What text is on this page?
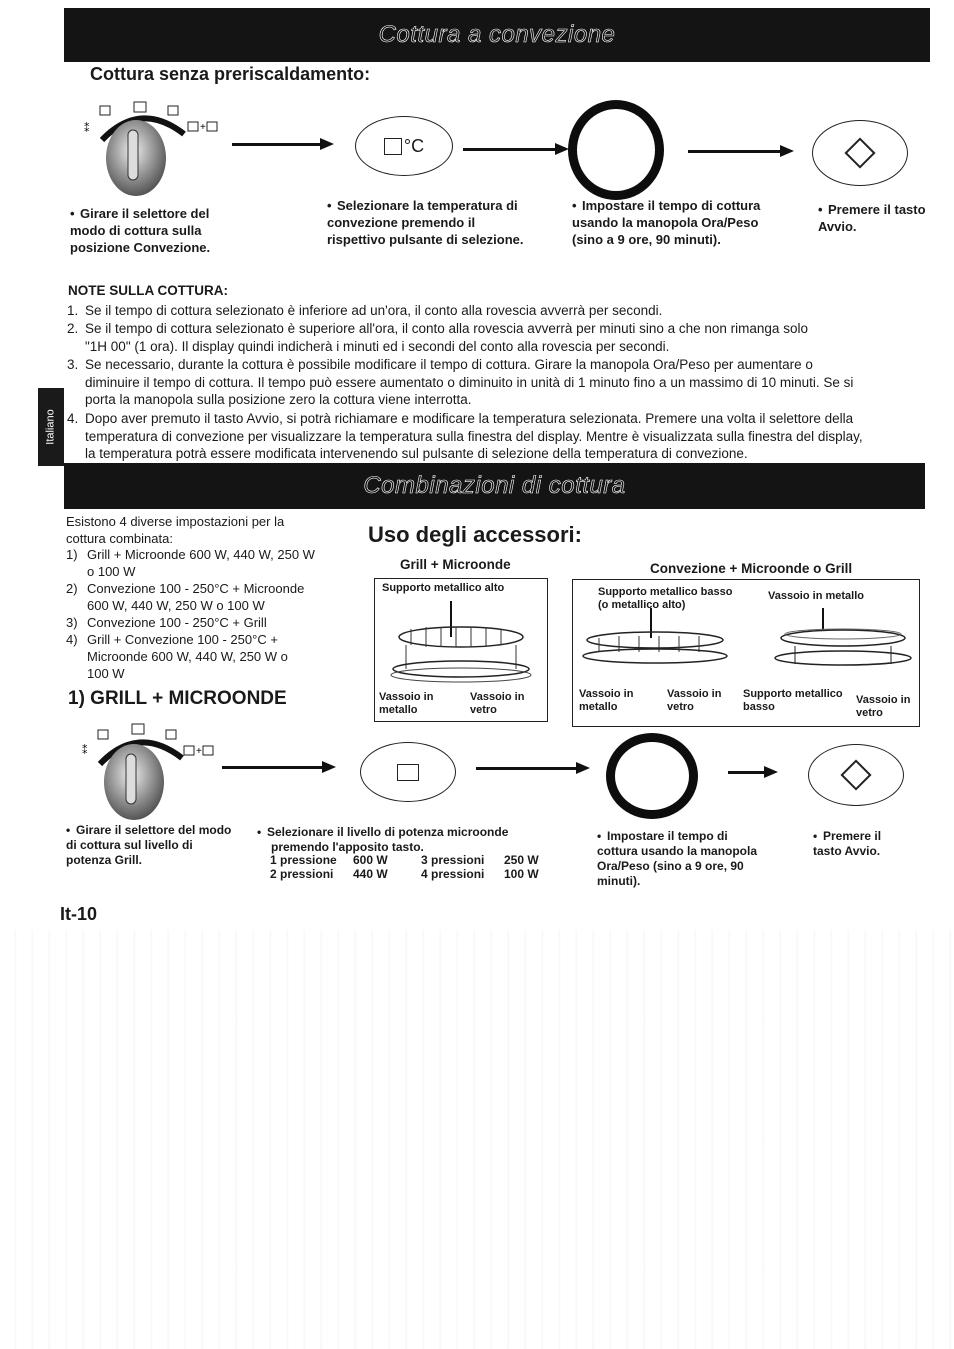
Cottura a convezione
Cottura senza preriscaldamento:
⁑	+
°C
• Girare il selettore del modo di cottura sulla posizione Convezione.
• Selezionare la temperatura di convezione premendo il rispettivo pulsante di selezione.
• Impostare il tempo di cottura usando la manopola Ora/Peso (sino a 9 ore, 90 minuti).
• Premere il tasto Avvio.
NOTE SULLA COTTURA:
1. Se il tempo di cottura selezionato è inferiore ad un'ora, il conto alla rovescia avverrà per secondi.
2. Se il tempo di cottura selezionato è superiore all'ora, il conto alla rovescia avverrà per minuti sino a che non rimanga solo
"1H 00" (1 ora). Il display quindi indicherà i minuti ed i secondi del conto alla rovescia per secondi.
3. Se necessario, durante la cottura è possibile modificare il tempo di cottura. Girare la manopola Ora/Peso per aumentare o
diminuire il tempo di cottura. Il tempo può essere aumentato o diminuito in unità di 1 minuto fino a un massimo di 10 minuti. Se si
porta la manopola sulla posizione zero la cottura viene interrotta.
4. Dopo aver premuto il tasto Avvio, si potrà richiamare e modificare la temperatura selezionata. Premere una volta il selettore della
temperatura di convezione per visualizzare la temperatura sulla finestra del display. Mentre è visualizzata sulla finestra del display,
la temperatura potrà essere modificata intervenendo sul pulsante di selezione della temperatura di convezione.
Italiano
Combinazioni di cottura
Esistono 4 diverse impostazioni per la
cottura combinata:
1) Grill + Microonde 600 W, 440 W, 250 W
o 100 W
2) Convezione 100 - 250°C + Microonde
600 W, 440 W, 250 W o 100 W
3) Convezione 100 - 250°C + Grill
4) Grill + Convezione 100 - 250°C +
Microonde 600 W, 440 W, 250 W o
100 W
Uso degli accessori:
Grill + Microonde
Supporto metallico alto
Vassoio in
metallo
Vassoio in
vetro
Convezione + Microonde o Grill
Supporto metallico basso
(o metallico alto)
Vassoio in metallo
Vassoio in
metallo
Vassoio in
vetro
Supporto metallico
basso
Vassoio in
vetro
1) GRILL + MICROONDE
⁑	+
• Girare il selettore del modo di cottura sul livello di potenza Grill.
• Selezionare il livello di potenza microonde
premendo l'apposito tasto.
1 pressione 600 W	3 pressioni 250 W
2 pressioni 440 W	4 pressioni 100 W
• Impostare il tempo di cottura usando la manopola Ora/Peso (sino a 9 ore, 90 minuti).
• Premere il tasto Avvio.
It-10
